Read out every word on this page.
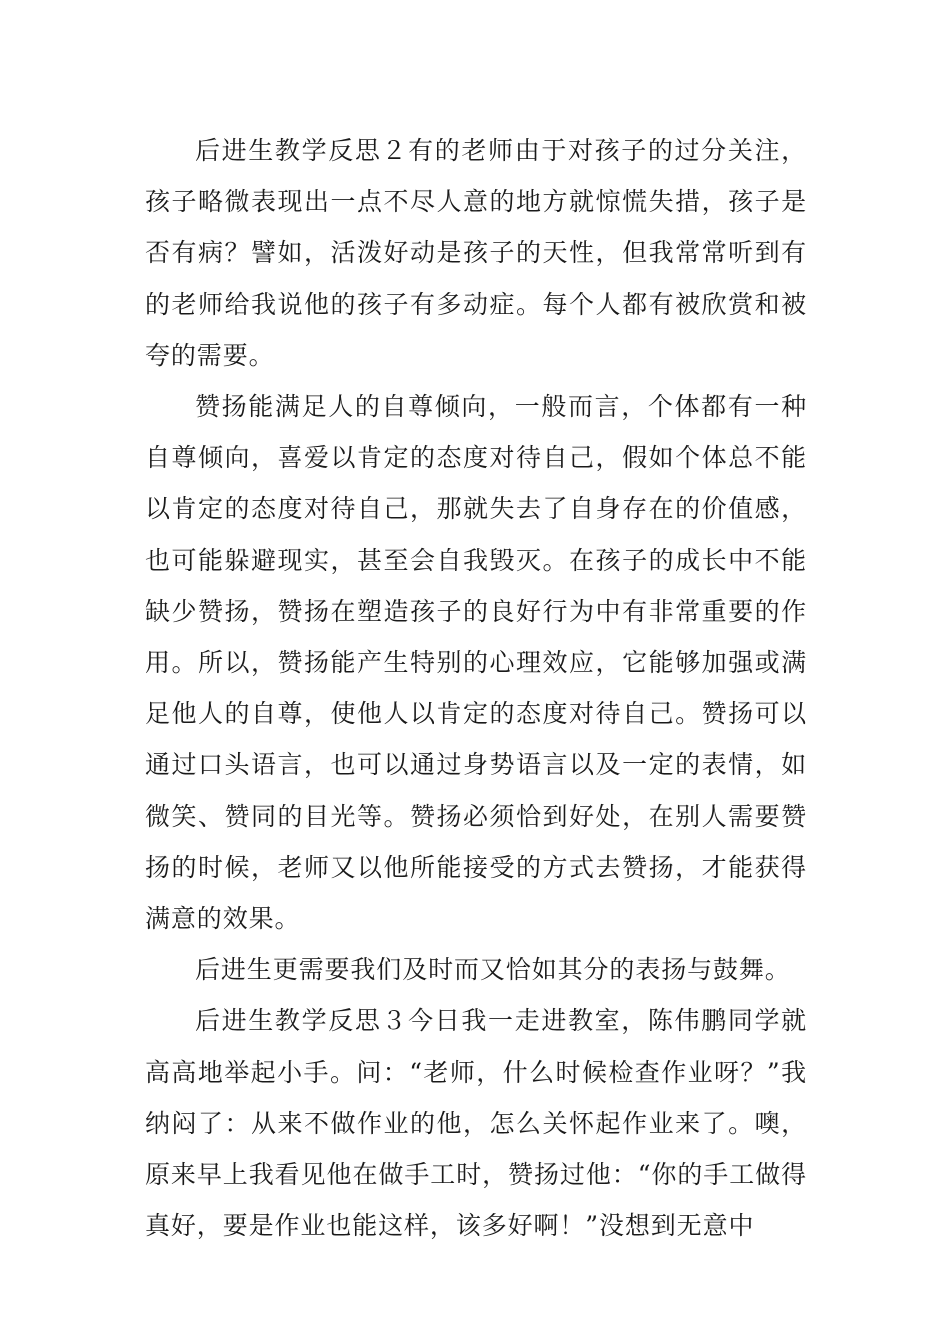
后进生教学反思２有的老师由于对孩子的过分关注，孩子略微表现出一点不尽人意的地方就惊慌失措，孩子是否有病？譬如，活泼好动是孩子的天性，但我常常听到有的老师给我说他的孩子有多动症。每个人都有被欣赏和被夸的需要。

赞扬能满足人的自尊倾向，一般而言，个体都有一种自尊倾向，喜爱以肯定的态度对待自己，假如个体总不能以肯定的态度对待自己，那就失去了自身存在的价值感，也可能躲避现实，甚至会自我毁灭。在孩子的成长中不能缺少赞扬，赞扬在塑造孩子的良好行为中有非常重要的作用。所以，赞扬能产生特别的心理效应，它能够加强或满足他人的自尊，使他人以肯定的态度对待自己。赞扬可以通过口头语言，也可以通过身势语言以及一定的表情，如微笑、赞同的目光等。赞扬必须恰到好处，在别人需要赞扬的时候，老师又以他所能接受的方式去赞扬，才能获得满意的效果。

后进生更需要我们及时而又恰如其分的表扬与鼓舞。

后进生教学反思３今日我一走进教室，陈伟鹏同学就高高地举起小手。问：“老师，什么时候检查作业呀？”我纳闷了：从来不做作业的他，怎么关怀起作业来了。噢，原来早上我看见他在做手工时，赞扬过他：“你的手工做得真好，要是作业也能这样，该多好啊！”没想到无意中
